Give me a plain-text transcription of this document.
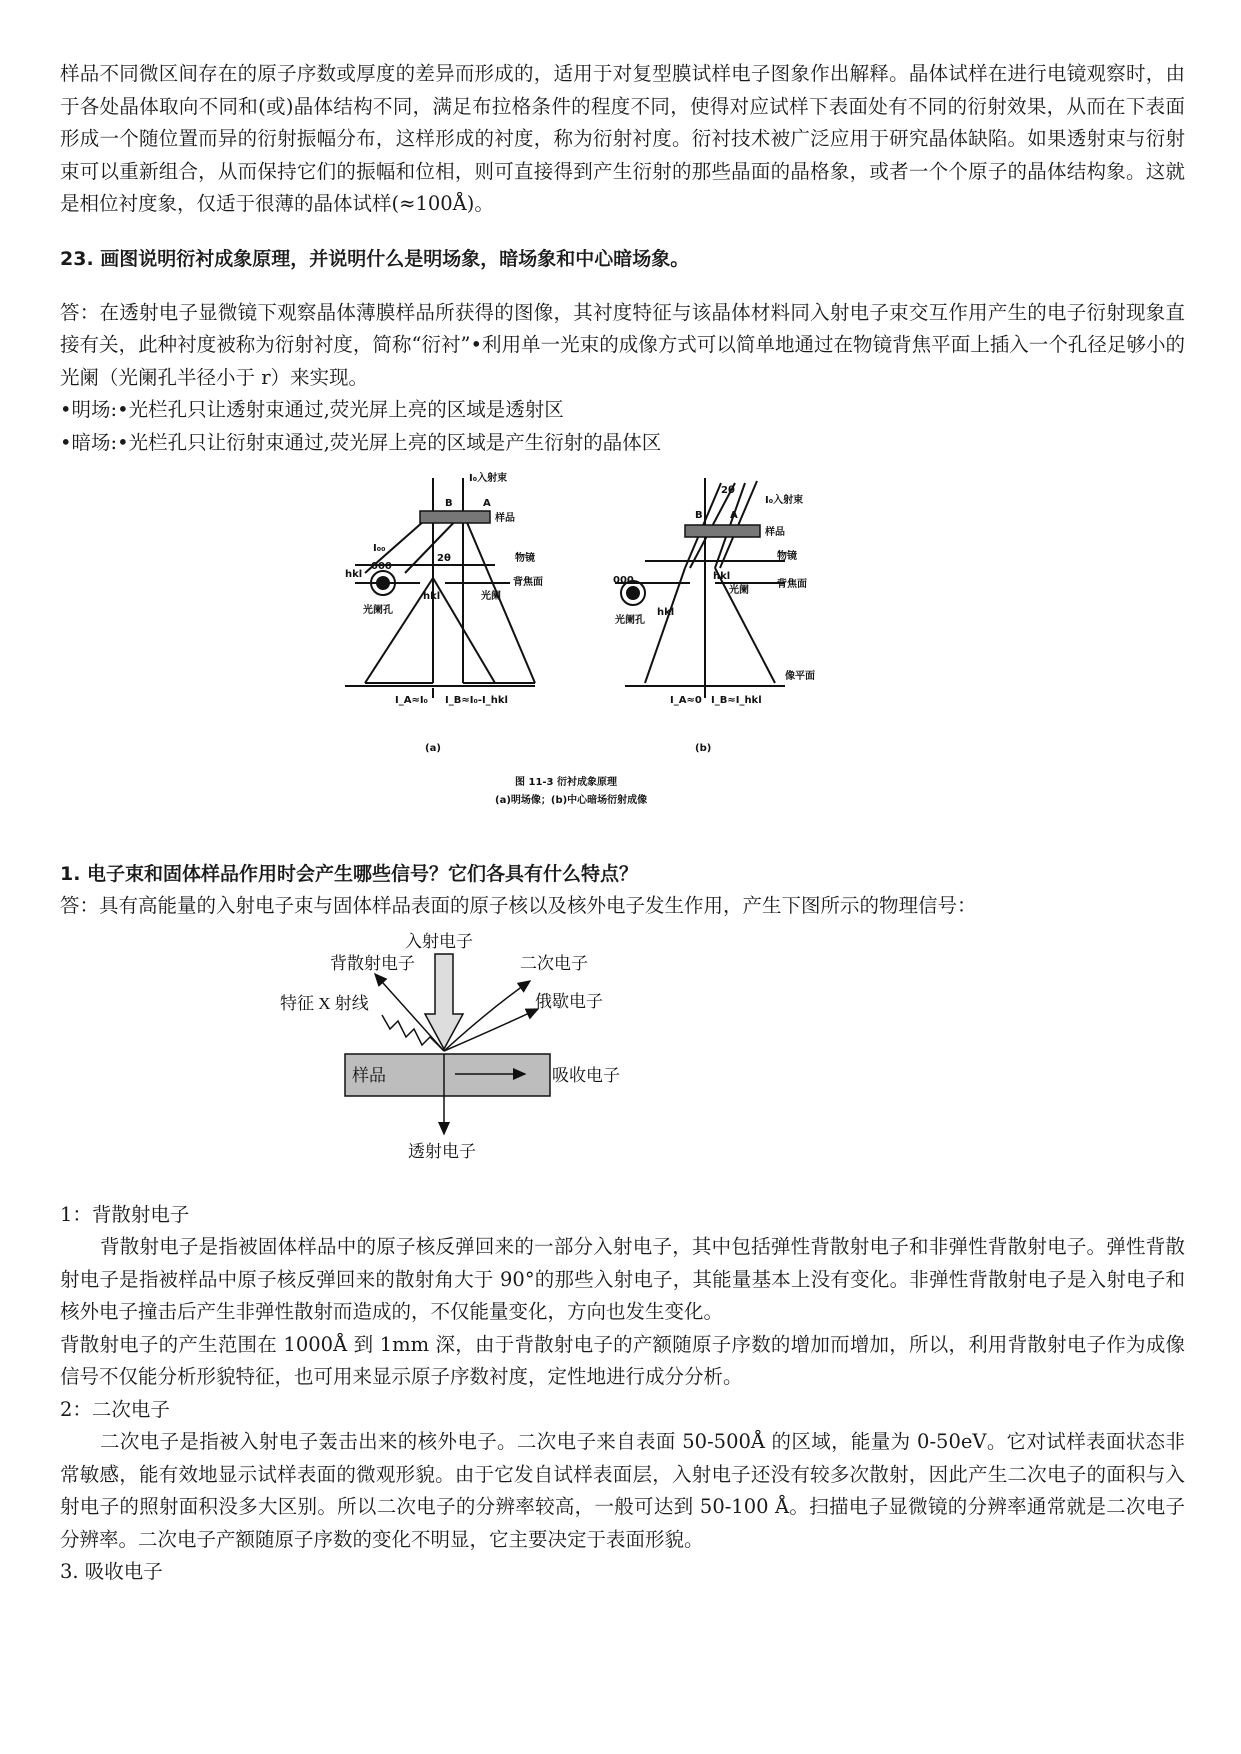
样品不同微区间存在的原子序数或厚度的差异而形成的，适用于对复型膜试样电子图象作出解释。晶体试样在进行电镜观察时，由于各处晶体取向不同和(或)晶体结构不同，满足布拉格条件的程度不同，使得对应试样下表面处有不同的衍射效果，从而在下表面形成一个随位置而异的衍射振幅分布，这样形成的衬度，称为衍射衬度。衍衬技术被广泛应用于研究晶体缺陷。如果透射束与衍射束可以重新组合，从而保持它们的振幅和位相，则可直接得到产生衍射的那些晶面的晶格象，或者一个个原子的晶体结构象。这就是相位衬度象，仅适于很薄的晶体试样(≈100Å)。

23. 画图说明衍衬成象原理，并说明什么是明场象，暗场象和中心暗场象。

答：在透射电子显微镜下观察晶体薄膜样品所获得的图像，其衬度特征与该晶体材料同入射电子束交互作用产生的电子衍射现象直接有关，此种衬度被称为衍射衬度，简称“衍衬”•利用单一光束的成像方式可以简单地通过在物镜背焦平面上插入一个孔径足够小的光阑（光阑孔半径小于 r）来实现。

•明场:•光栏孔只让透射束通过,荧光屏上亮的区域是透射区

•暗场:•光栏孔只让衍射束通过,荧光屏上亮的区域是产生衍射的晶体区

I₀入射束
B	A
样品
I₀₀
2θ	物镜
背焦面
000
hkl
光阑
光阑孔
hkl
I_A≈I₀ I_B≈I₀-I_hkl
2θ
I₀入射束
B	A
样品
物镜
背焦面
000	hkl
光阑
光阑孔
hkl
像平面
I_A≈0 I_B≈I_hkl
(a)	(b)
图 11-3 衍衬成象原理
(a)明场像；(b)中心暗场衍射成像

1. 电子束和固体样品作用时会产生哪些信号？它们各具有什么特点？

答：具有高能量的入射电子束与固体样品表面的原子核以及核外电子发生作用，产生下图所示的物理信号：

入射电子
背散射电子	二次电子
特征 X 射线	俄歇电子
样品	吸收电子
透射电子

1：背散射电子

背散射电子是指被固体样品中的原子核反弹回来的一部分入射电子，其中包括弹性背散射电子和非弹性背散射电子。弹性背散射电子是指被样品中原子核反弹回来的散射角大于 90°的那些入射电子，其能量基本上没有变化。非弹性背散射电子是入射电子和核外电子撞击后产生非弹性散射而造成的，不仅能量变化，方向也发生变化。

背散射电子的产生范围在 1000Å 到 1mm 深，由于背散射电子的产额随原子序数的增加而增加，所以，利用背散射电子作为成像信号不仅能分析形貌特征，也可用来显示原子序数衬度，定性地进行成分分析。

2：二次电子

二次电子是指被入射电子轰击出来的核外电子。二次电子来自表面 50-500Å 的区域，能量为 0-50eV。它对试样表面状态非常敏感，能有效地显示试样表面的微观形貌。由于它发自试样表面层，入射电子还没有较多次散射，因此产生二次电子的面积与入射电子的照射面积没多大区别。所以二次电子的分辨率较高，一般可达到 50-100 Å。扫描电子显微镜的分辨率通常就是二次电子分辨率。二次电子产额随原子序数的变化不明显，它主要决定于表面形貌。

3. 吸收电子
